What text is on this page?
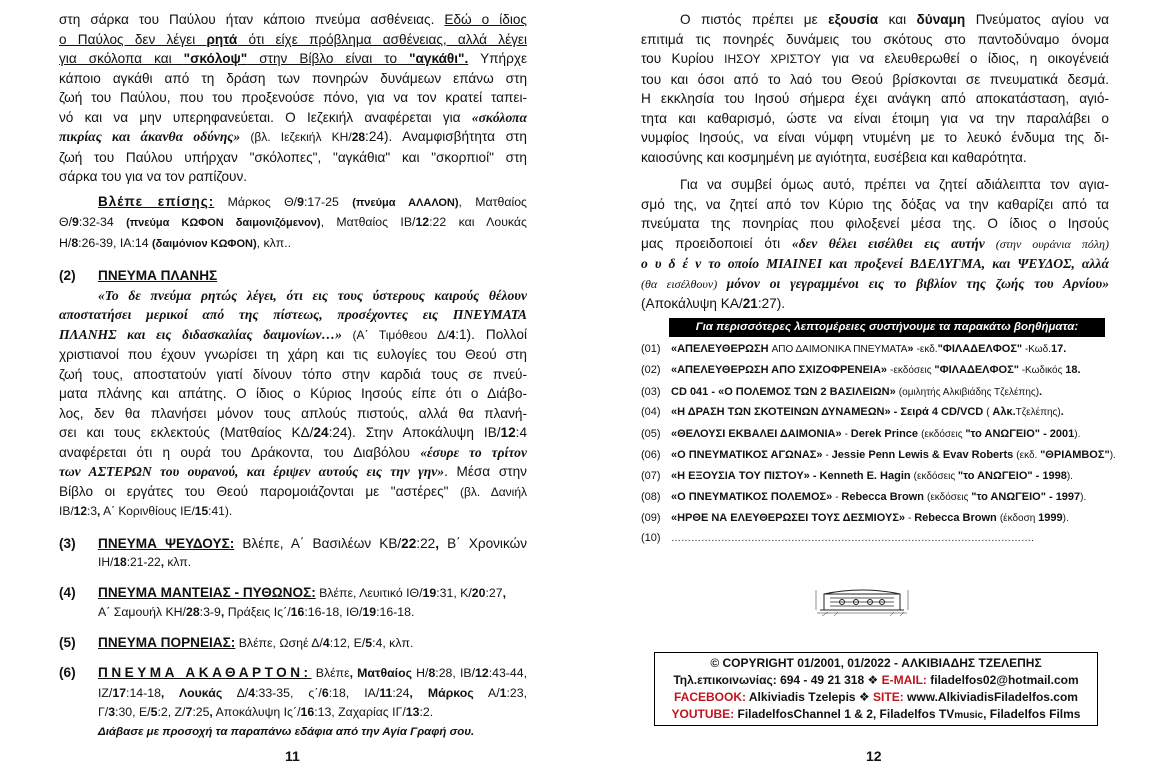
στη σάρκα του Παύλου ήταν κάποιο πνεύμα ασθένειας. Εδώ ο ίδιος
ο Παύλος δεν λέγει ρητά ότι είχε πρόβλημα ασθένειας, αλλά λέγει
για σκόλοπα και "σκόλοψ" στην Βίβλο είναι το "αγκάθι". Υπήρχε
κάποιο αγκάθι από τη δράση των πονηρών δυνάμεων επάνω στη
ζωή του Παύλου, που του προξενούσε πόνο, για να τον κρατεί ταπει-
νό και να μην υπερηφανεύεται. Ο Ιεζεκιήλ αναφέρεται για «σκόλοπα
πικρίας και άκανθα οδύνης» (βλ. Ιεζεκιήλ ΚΗ/28:24). Αναμφισβήτητα στη
ζωή του Παύλου υπήρχαν "σκόλοπες", "αγκάθια" και "σκορπιοί" στη
σάρκα του για να τον ραπίζουν.
Βλέπε επίσης: Μάρκος Θ/9:17-25 (πνεύμα ΑΛΑΛΟΝ), Ματθαίος
Θ/9:32-34 (πνεύμα ΚΩΦΟΝ δαιμονιζόμενον), Ματθαίος ΙΒ/12:22 και Λουκάς
Η/8:26-39, ΙΑ:14 (δαιμόνιον ΚΩΦΟΝ), κλπ..
(2) ΠΝΕΥΜΑ ΠΛΑΝΗΣ
«Το δε πνεύμα ρητώς λέγει, ότι εις τους ύστερους καιρούς θέλουν
αποστατήσει μερικοί από της πίστεως, προσέχοντες εις ΠΝΕΥΜΑΤΑ
ΠΛΑΝΗΣ και εις διδασκαλίας δαιμονίων…» (Α΄ Τιμόθεου Δ/4:1). Πολλοί
χριστιανοί που έχουν γνωρίσει τη χάρη και τις ευλογίες του Θεού στη
ζωή τους, αποστατούν γιατί δίνουν τόπο στην καρδιά τους σε πνεύ-
ματα πλάνης και απάτης. Ο ίδιος ο Κύριος Ιησούς είπε ότι ο Διάβο-
λος, δεν θα πλανήσει μόνον τους απλούς πιστούς, αλλά θα πλανή-
σει και τους εκλεκτούς (Ματθαίος ΚΔ/24:24). Στην Αποκάλυψη ΙΒ/12:4
αναφέρεται ότι η ουρά του Δράκοντα, του Διαβόλου «έσυρε το τρίτον
των ΑΣΤΕΡΩΝ του ουρανού, και έριψεν αυτούς εις την γην». Μέσα στην
Βίβλο οι εργάτες του Θεού παρομοιάζονται με "αστέρες" (βλ. Δανιήλ
ΙΒ/12:3, Α΄ Κορινθίους ΙΕ/15:41).
(3) ΠΝΕΥΜΑ ΨΕΥΔΟΥΣ: Βλέπε, Α΄ Βασιλέων ΚΒ/22:22, Β΄ Χρονικών
ΙΗ/18:21-22, κλπ.
(4) ΠΝΕΥΜΑ ΜΑΝΤΕΙΑΣ - ΠΥΘΩΝΟΣ: Βλέπε, Λευιτικό ΙΘ/19:31, Κ/20:27,
Α΄ Σαμουήλ ΚΗ/28:3-9, Πράξεις Ις΄/16:16-18, ΙΘ/19:16-18.
(5) ΠΝΕΥΜΑ ΠΟΡΝΕΙΑΣ: Βλέπε, Ωσηέ Δ/4:12, Ε/5:4, κλπ.
(6) ΠΝΕΥΜΑ ΑΚΑΘΑΡΤΟΝ: Βλέπε, Ματθαίος Η/8:28, ΙΒ/12:43-44,
ΙΖ/17:14-18, Λουκάς Δ/4:33-35, ς΄/6:18, ΙΑ/11:24, Μάρκος Α/1:23,
Γ/3:30, Ε/5:2, Ζ/7:25, Αποκάλυψη Ις΄/16:13, Ζαχαρίας ΙΓ/13:2.
Διάβασε με προσοχή τα παραπάνω εδάφια από την Αγία Γραφή σου.
11
Ο πιστός πρέπει με εξουσία και δύναμη Πνεύματος αγίου να
επιτιμά τις πονηρές δυνάμεις του σκότους στο παντοδύναμο όνομα
του Κυρίου ΙΗΣΟΥ ΧΡΙΣΤΟΥ για να ελευθερωθεί ο ίδιος, η οικογένειά
του και όσοι από το λαό του Θεού βρίσκονται σε πνευματικά δεσμά.
Η εκκλησία του Ιησού σήμερα έχει ανάγκη από αποκατάσταση, αγιό-
τητα και καθαρισμό, ώστε να είναι έτοιμη για να την παραλάβει ο
νυμφίος Ιησούς, να είναι νύμφη ντυμένη με το λευκό ένδυμα της δι-
καιοσύνης και κοσμημένη με αγιότητα, ευσέβεια και καθαρότητα.
Για να συμβεί όμως αυτό, πρέπει να ζητεί αδιάλειπτα τον αγια-
σμό της, να ζητεί από τον Κύριο της δόξας να την καθαρίζει από τα
πνεύματα της πονηρίας που φιλοξενεί μέσα της. Ο ίδιος ο Ιησούς
μας προειδοποιεί ότι «δεν θέλει εισέλθει εις αυτήν (στην ουράνια πόλη)
ο υ δ έ ν το οποίο ΜΙΑΙΝΕΙ και προξενεί ΒΔΕΛΥΓΜΑ, και ΨΕΥΔΟΣ, αλλά
(θα εισέλθουν) μόνον οι γεγραμμένοι εις το βιβλίον της ζωής του Αρνίου»
(Αποκάλυψη ΚΑ/21:27).
Για περισσότερες λεπτομέρειες συστήνουμε τα παρακάτω βοηθήματα:
(01) «ΑΠΕΛΕΥΘΕΡΩΣΗ ΑΠΟ ΔΑΙΜΟΝΙΚΑ ΠΝΕΥΜΑΤΑ» -εκδ."ΦΙΛΑΔΕΛΦΟΣ" -Κωδ.17.
(02) «ΑΠΕΛΕΥΘΕΡΩΣΗ ΑΠΟ ΣΧΙΖΟΦΡΕΝΕΙΑ» -εκδόσεις "ΦΙΛΑΔΕΛΦΟΣ" -Κωδικός 18.
(03) CD 041 - «Ο ΠΟΛΕΜΟΣ ΤΩΝ 2 ΒΑΣΙΛΕΙΩΝ» (ομιλητής Αλκιβιάδης Τζελέπης).
(04) «Η ΔΡΑΣΗ ΤΩΝ ΣΚΟΤΕΙΝΩΝ ΔΥΝΑΜΕΩΝ» - Σειρά 4 CD/VCD ( Αλκ.Τζελέπης).
(05) «ΘΕΛΟΥΣΙ ΕΚΒΑΛΕΙ ΔΑΙΜΟΝΙΑ» - Derek Prince (εκδόσεις "το ΑΝΩΓΕΙΟ" - 2001).
(06) «Ο ΠΝΕΥΜΑΤΙΚΟΣ ΑΓΩΝΑΣ» - Jessie Penn Lewis & Evav Roberts (εκδ. "ΘΡΙΑΜΒΟΣ").
(07) «Η ΕΞΟΥΣΙΑ ΤΟΥ ΠΙΣΤΟΥ» - Kenneth E. Hagin (εκδόσεις "το ΑΝΩΓΕΙΟ" - 1998).
(08) «Ο ΠΝΕΥΜΑΤΙΚΟΣ ΠΟΛΕΜΟΣ» - Rebecca Brown (εκδόσεις "το ΑΝΩΓΕΙΟ" - 1997).
(09) «ΗΡΘΕ ΝΑ ΕΛΕΥΘΕΡΩΣΕΙ ΤΟΥΣ ΔΕΣΜΙΟΥΣ» - Rebecca Brown (έκδοση 1999).
(10) ……………………………………………………………………………………………….
© COPYRIGHT 01/2001, 01/2022 - ΑΛΚΙΒΙΑΔΗΣ ΤΖΕΛΕΠΗΣ
Τηλ.επικοινωνίας: 694 - 49 21 318 ❖ E-MAIL: filadelfos02@hotmail.com
FACEBOOK: Alkiviadis Tzelepis ❖ SITE: www.AlkiviadisFiladelfos.com
YOUTUBE: FiladelfosChannel 1 & 2, Filadelfos TVmusic, Filadelfos Films
12
